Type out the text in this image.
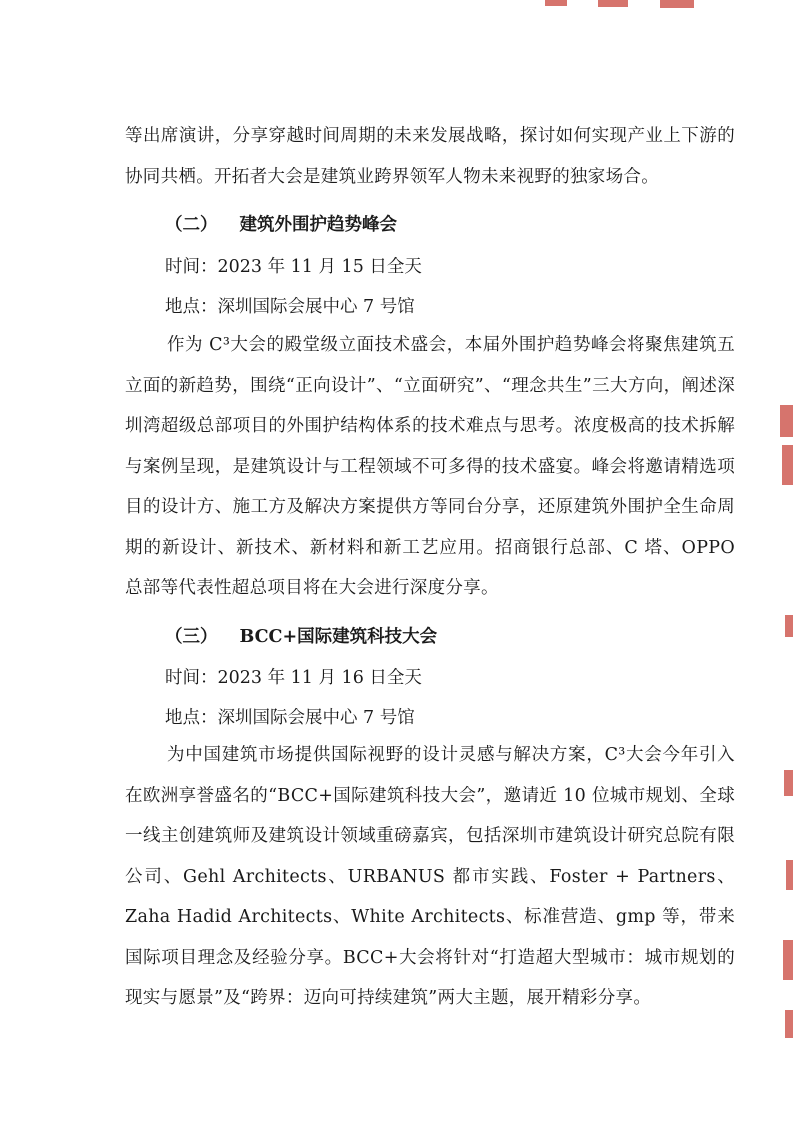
等出席演讲，分享穿越时间周期的未来发展战略，探讨如何实现产业上下游的协同共栖。开拓者大会是建筑业跨界领军人物未来视野的独家场合。

（二） 建筑外围护趋势峰会

时间：2023 年 11 月 15 日全天

地点：深圳国际会展中心 7 号馆

作为 C³大会的殿堂级立面技术盛会，本届外围护趋势峰会将聚焦建筑五立面的新趋势，围绕“正向设计”、“立面研究”、“理念共生”三大方向，阐述深圳湾超级总部项目的外围护结构体系的技术难点与思考。浓度极高的技术拆解与案例呈现，是建筑设计与工程领域不可多得的技术盛宴。峰会将邀请精选项目的设计方、施工方及解决方案提供方等同台分享，还原建筑外围护全生命周期的新设计、新技术、新材料和新工艺应用。招商银行总部、C 塔、OPPO 总部等代表性超总项目将在大会进行深度分享。

（三） BCC+国际建筑科技大会

时间：2023 年 11 月 16 日全天

地点：深圳国际会展中心 7 号馆

为中国建筑市场提供国际视野的设计灵感与解决方案，C³大会今年引入在欧洲享誉盛名的“BCC+国际建筑科技大会”，邀请近 10 位城市规划、全球一线主创建筑师及建筑设计领域重磅嘉宾，包括深圳市建筑设计研究总院有限公司、Gehl Architects、URBANUS 都市实践、Foster + Partners、Zaha Hadid Architects、White Architects、标准营造、gmp 等，带来国际项目理念及经验分享。BCC+大会将针对“打造超大型城市：城市规划的现实与愿景”及“跨界：迈向可持续建筑”两大主题，展开精彩分享。
